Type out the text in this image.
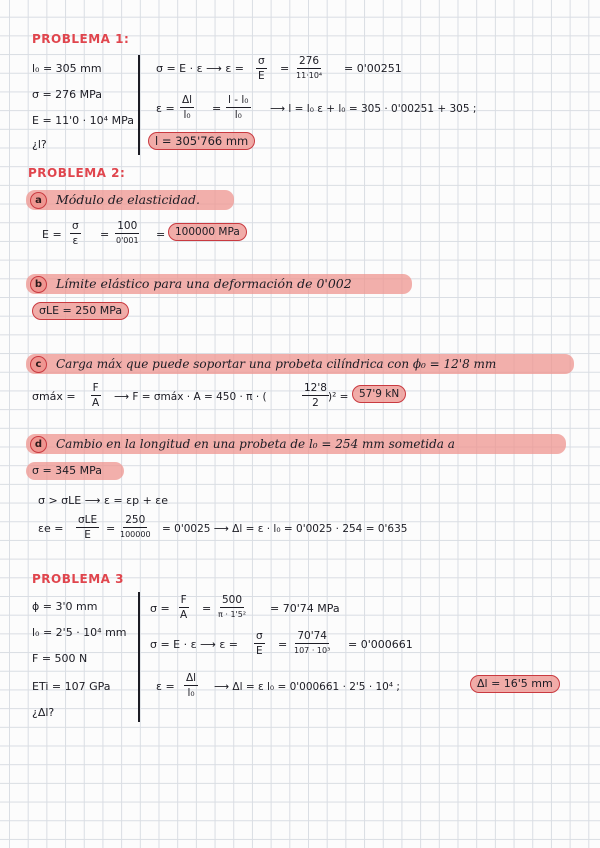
PROBLEMA 1:
l₀ = 305 mm
σ = 276 MPa
E = 11'0 · 10⁴ MPa
¿l?
σ = E · ε ⟶ $\varepsilon = \frac{\sigma}{E}$ =
276
11·10⁴
= 0'00251
$\varepsilon = \frac{\Delta l}{\text{l₀}} = \frac{\text{l - l₀}}{\text{l₀}}$ ⟶ l = l₀ ε + l₀ = 305 · 0'00251 + 305 ;
l = 305'766 mm
PROBLEMA 2:
a	Módulo de elasticidad.
$E = \frac{\sigma}{\varepsilon}$ =
100
0'001 = 100000 MPa
b	Límite elástico para una deformación de 0'002
σLE = 250 MPa
c	Carga máx que puede soportar una probeta cilíndrica con ϕ₀ = 12'8 mm
σmáx = $\frac{F}{A}$ ⟶ F = σmáx · A = 450 · π · (	$\frac{12'8}{2} )^2$ =	57'9 kN
d	Cambio en la longitud en una probeta de l₀ = 254 mm sometida a
σ = 345 MPa
σ > σLE ⟶ ε = εp + εe
εe =
σLE
E =
250
100000 = 0'0025 ⟶ Δl = ε · l₀ = 0'0025 · 254 = 0'635
PROBLEMA 3
ϕ = 3'0 mm
l₀ = 2'5 · 10⁴ mm
F = 500 N
ETi = 107 GPa
¿Δl?
$\sigma = \frac{F}{A}$ =
500
π · 1'5² = 70'74 MPa
σ = E · ε ⟶ $\varepsilon = \frac{\sigma}{E}$ =
70'74
107 · 10³ = 0'000661
$\varepsilon = \frac{\Delta l}{\text{l₀}}$ ⟶ Δl = ε l₀ = 0'000661 · 2'5 · 10⁴ ;	Δl = 16'5 mm
